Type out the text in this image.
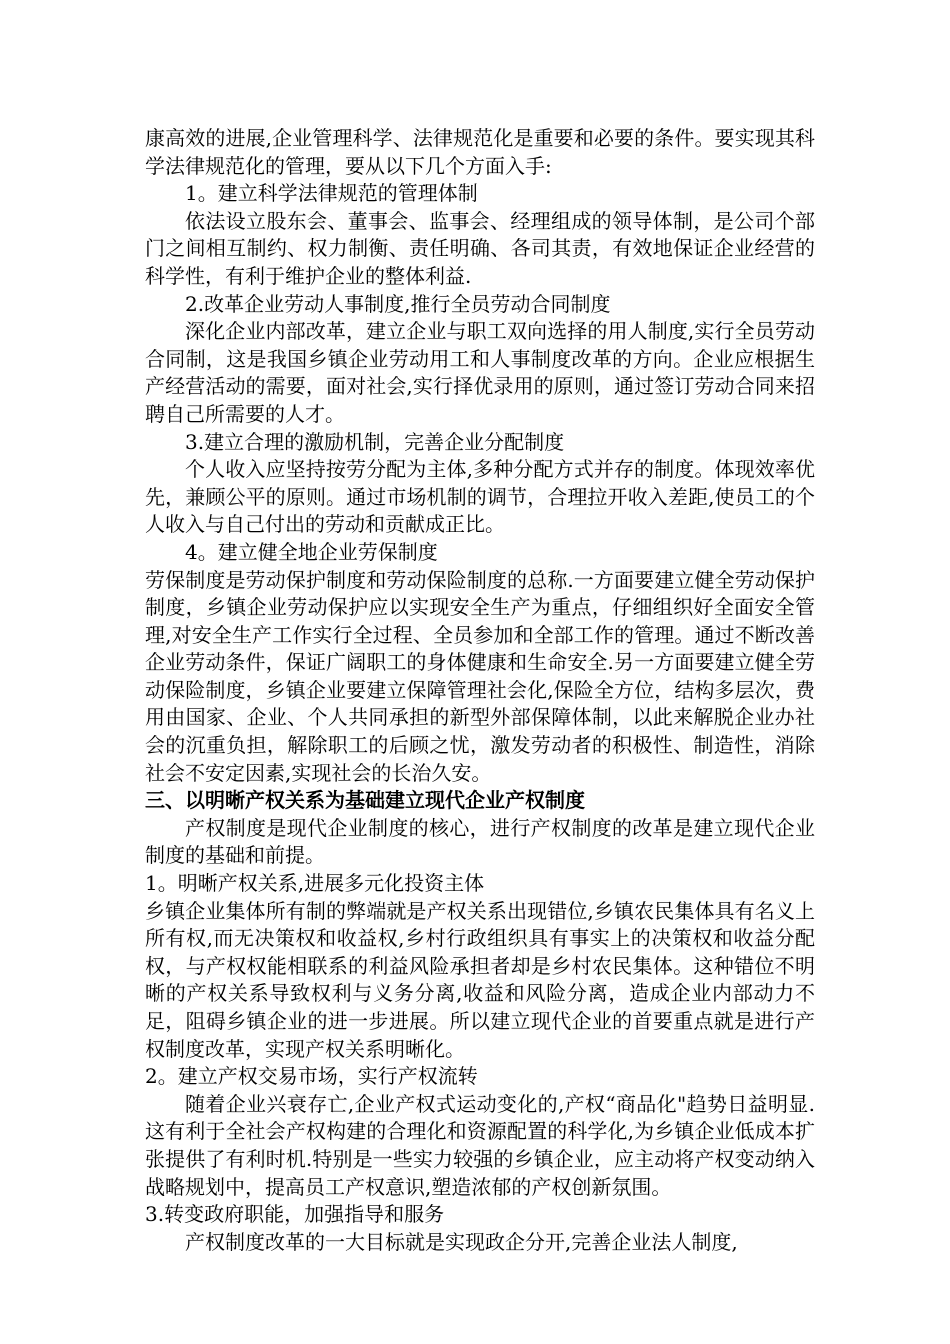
康高效的进展,企业管理科学、法律规范化是重要和必要的条件。要实现其科学法律规范化的管理，要从以下几个方面入手:

1。建立科学法律规范的管理体制

依法设立股东会、董事会、监事会、经理组成的领导体制，是公司个部门之间相互制约、权力制衡、责任明确、各司其责，有效地保证企业经营的科学性，有利于维护企业的整体利益.

2.改革企业劳动人事制度,推行全员劳动合同制度

深化企业内部改革，建立企业与职工双向选择的用人制度,实行全员劳动合同制，这是我国乡镇企业劳动用工和人事制度改革的方向。企业应根据生产经营活动的需要，面对社会,实行择优录用的原则，通过签订劳动合同来招聘自己所需要的人才。

3.建立合理的激励机制，完善企业分配制度

个人收入应坚持按劳分配为主体,多种分配方式并存的制度。体现效率优先，兼顾公平的原则。通过市场机制的调节，合理拉开收入差距,使员工的个人收入与自己付出的劳动和贡献成正比。

4。建立健全地企业劳保制度

劳保制度是劳动保护制度和劳动保险制度的总称.一方面要建立健全劳动保护制度，乡镇企业劳动保护应以实现安全生产为重点，仔细组织好全面安全管理,对安全生产工作实行全过程、全员参加和全部工作的管理。通过不断改善企业劳动条件，保证广阔职工的身体健康和生命安全.另一方面要建立健全劳动保险制度，乡镇企业要建立保障管理社会化,保险全方位，结构多层次，费用由国家、企业、个人共同承担的新型外部保障体制，以此来解脱企业办社会的沉重负担，解除职工的后顾之忧，激发劳动者的积极性、制造性，消除社会不安定因素,实现社会的长治久安。

三、以明晰产权关系为基础建立现代企业产权制度

产权制度是现代企业制度的核心，进行产权制度的改革是建立现代企业制度的基础和前提。

1。明晰产权关系,进展多元化投资主体

乡镇企业集体所有制的弊端就是产权关系出现错位,乡镇农民集体具有名义上所有权,而无决策权和收益权,乡村行政组织具有事实上的决策权和收益分配权，与产权权能相联系的利益风险承担者却是乡村农民集体。这种错位不明晰的产权关系导致权利与义务分离,收益和风险分离，造成企业内部动力不足，阻碍乡镇企业的进一步进展。所以建立现代企业的首要重点就是进行产权制度改革，实现产权关系明晰化。

2。建立产权交易市场，实行产权流转

随着企业兴衰存亡,企业产权式运动变化的,产权“商品化"趋势日益明显.这有利于全社会产权构建的合理化和资源配置的科学化,为乡镇企业低成本扩张提供了有利时机.特别是一些实力较强的乡镇企业，应主动将产权变动纳入战略规划中，提高员工产权意识,塑造浓郁的产权创新氛围。

3.转变政府职能，加强指导和服务

产权制度改革的一大目标就是实现政企分开,完善企业法人制度,
